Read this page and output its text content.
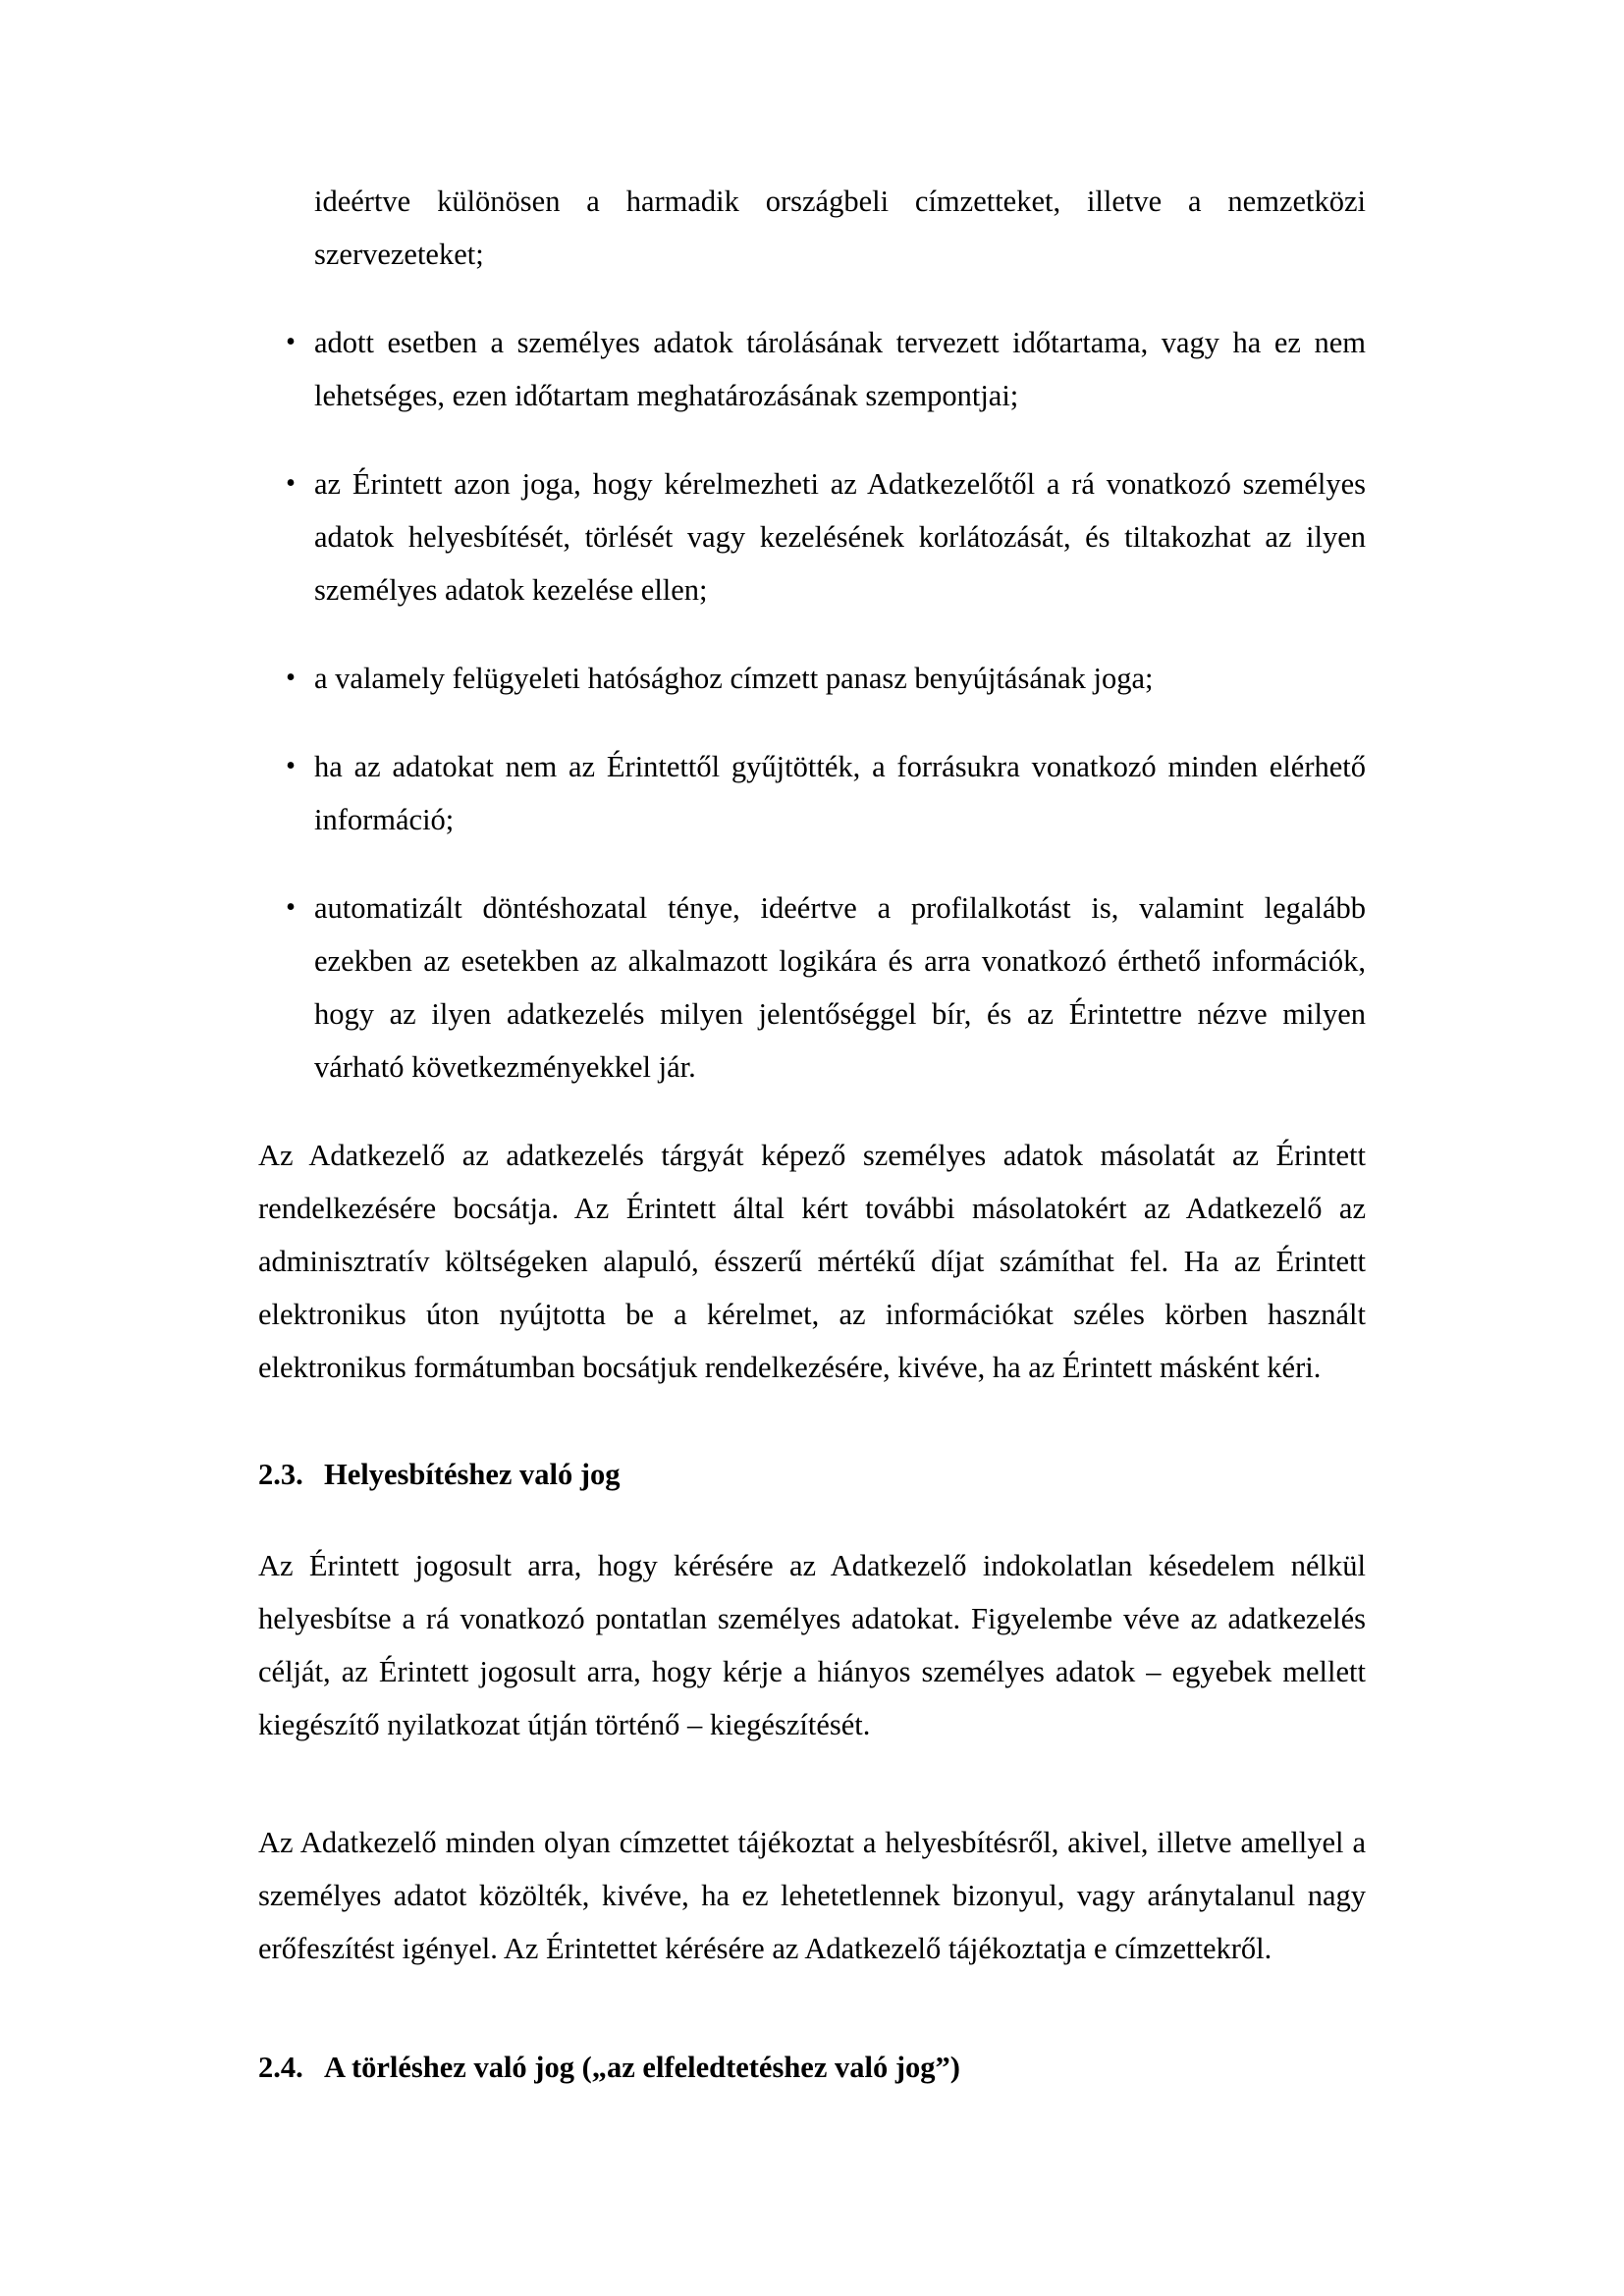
ideértve különösen a harmadik országbeli címzetteket, illetve a nemzetközi szervezeteket;

• adott esetben a személyes adatok tárolásának tervezett időtartama, vagy ha ez nem lehetséges, ezen időtartam meghatározásának szempontjai;
• az Érintett azon joga, hogy kérelmezheti az Adatkezelőtől a rá vonatkozó személyes adatok helyesbítését, törlését vagy kezelésének korlátozását, és tiltakozhat az ilyen személyes adatok kezelése ellen;
• a valamely felügyeleti hatósághoz címzett panasz benyújtásának joga;
• ha az adatokat nem az Érintettől gyűjtötték, a forrásukra vonatkozó minden elérhető információ;
• automatizált döntéshozatal ténye, ideértve a profilalkotást is, valamint legalább ezekben az esetekben az alkalmazott logikára és arra vonatkozó érthető információk, hogy az ilyen adatkezelés milyen jelentőséggel bír, és az Érintettre nézve milyen várható következményekkel jár.

Az Adatkezelő az adatkezelés tárgyát képező személyes adatok másolatát az Érintett rendelkezésére bocsátja. Az Érintett által kért további másolatokért az Adatkezelő az adminisztratív költségeken alapuló, ésszerű mértékű díjat számíthat fel. Ha az Érintett elektronikus úton nyújtotta be a kérelmet, az információkat széles körben használt elektronikus formátumban bocsátjuk rendelkezésére, kivéve, ha az Érintett másként kéri.

2.3. Helyesbítéshez való jog

Az Érintett jogosult arra, hogy kérésére az Adatkezelő indokolatlan késedelem nélkül helyesbítse a rá vonatkozó pontatlan személyes adatokat. Figyelembe véve az adatkezelés célját, az Érintett jogosult arra, hogy kérje a hiányos személyes adatok – egyebek mellett kiegészítő nyilatkozat útján történő – kiegészítését.

Az Adatkezelő minden olyan címzettet tájékoztat a helyesbítésről, akivel, illetve amellyel a személyes adatot közölték, kivéve, ha ez lehetetlennek bizonyul, vagy aránytalanul nagy erőfeszítést igényel. Az Érintettet kérésére az Adatkezelő tájékoztatja e címzettekről.

2.4. A törléshez való jog („az elfeledtetéshez való jog”)
